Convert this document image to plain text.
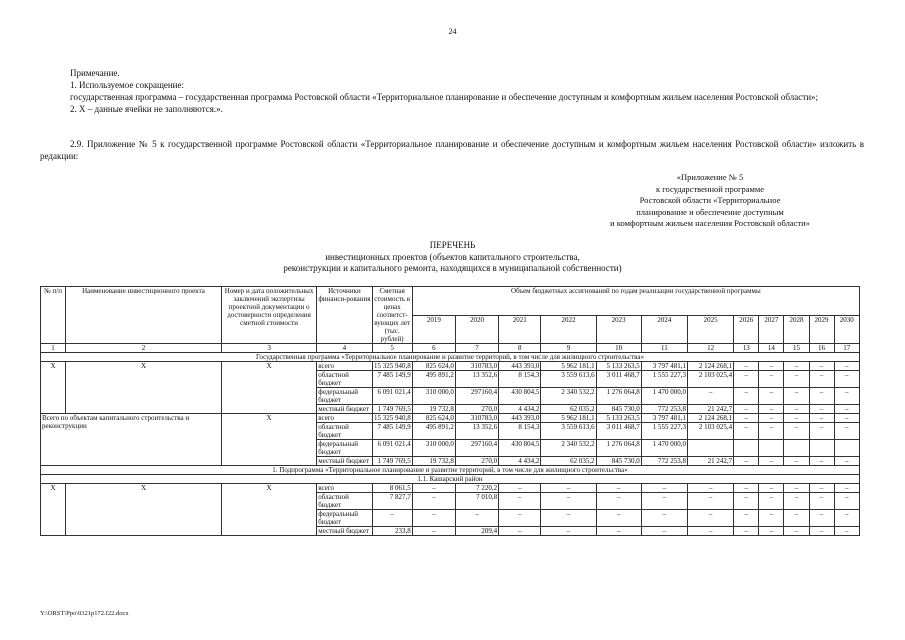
24
Примечание.
1. Используемое сокращение:
государственная программа – государственная программа Ростовской области «Территориальное планирование и обеспечение доступным и комфортным жильем населения Ростовской области»;
2. X – данные ячейки не заполняются.».
2.9. Приложение № 5 к государственной программе Ростовской области «Территориальное планирование и обеспечение доступным и комфортным жильем населения Ростовской области» изложить в редакции:
«Приложение № 5
к государственной программе
Ростовской области «Территориальное
планирование и обеспечение доступным
и комфортным жильем населения Ростовской области»
ПЕРЕЧЕНЬ
инвестиционных проектов (объектов капитального строительства,
реконструкции и капитального ремонта, находящихся в муниципальной собственности)
№ п/п	Наименование инвестиционного проекта	Номер и дата положительных заключений экспертизы проектной документации о достоверности определения сметной стоимости	Источники финанси-рования	Сметная стоимость в ценах соответст-вующих лет (тыс. рублей)	Объем бюджетных ассигнований по годам реализации государственной программы											
					2019	2020	2021	2022	2023	2024	2025	2026	2027	2028	2029	2030
1	2	3	4	5	6	7	8	9	10	11	12	13	14	15	16	17
Государственная программа «Территориальное планирование и развитие территорий, в том числе для жилищного строительства»																
X	X	X	всего	15 325 940,8	825 624,0	310783,0	443 393,0	5 962 181,1	5 133 263,5	3 797 481,1	2 124 268,1	–	–	–	–	–
			областной бюджет	7 485 149,9	495 891,2	13 352,6	8 154,3	3 559 613,6	3 011 468,7	1 555 227,3	2 103 025,4	–	–	–	–	–
			федеральный бюджет	6 091 021,4	310 000,0	297160,4	430 804,5	2 340 532,2	1 276 064,8	1 470 000,0	–	–	–	–	–	–
			местный бюджет	1 749 769,5	19 732,8	270,0	4 434,2	62 035,2	845 730,0	772 253,8	21 242,7	–	–	–	–	–
Всего по объектам капитального строительства и реконструкции		X	всего	15 325 940,8	825 624,0	310783,0	443 393,0	5 962 181,1	5 133 263,5	3 797 481,1	2 124 268,1	–	–	–	–	–
			областной бюджет	7 485 149,9	495 891,2	13 352,6	8 154,3	3 559 613,6	3 011 468,7	1 555 227,3	2 103 025,4	–	–	–	–	–
			федеральный бюджет	6 091 021,4	310 000,0	297160,4	430 804,5	2 340 532,2	1 276 064,8	1 470 000,0						
			местный бюджет	1 749 769,5	19 732,8	270,0	4 434,2	62 035,2	845 730,0	772 253,8	21 242,7	–	–	–	–	–
1. Подпрограмма «Территориальное планирование и развитие территорий, в том числе для жилищного строительства»																
1.1. Кашарский район																
X	X	X	всего	8 061,5	–	7 220,2	–	–	–	–	–	–	–	–	–	–
			областной бюджет	7 827,7	–	7 010,8	–	–	–	–	–	–	–	–	–	–
			федеральный бюджет	–	–	–	–	–	–	–	–	–	–	–	–	–
			местный бюджет	233,8	–	209,4	–	–	–	–	–	–	–	–	–	–
Y:\ORST\Ppo\0321p172.f22.docx
